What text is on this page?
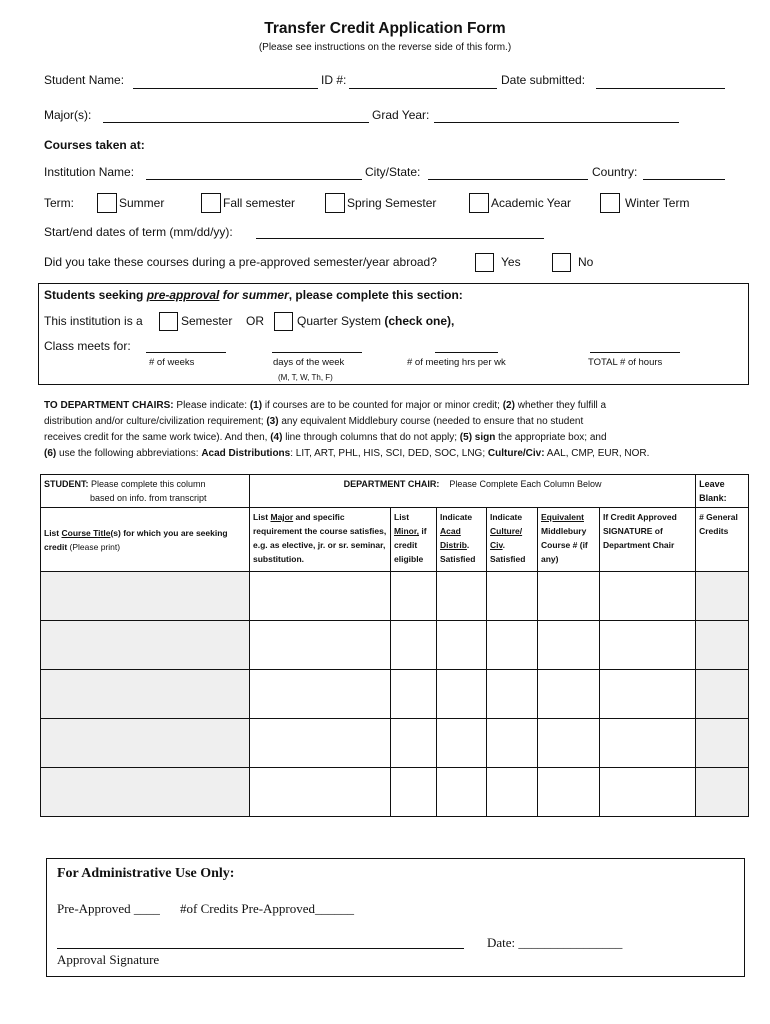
Transfer Credit Application Form
(Please see instructions on the reverse side of this form.)
Student Name:	ID #:	Date submitted:
Major(s):	Grad Year:
Courses taken at:
Institution Name:	City/State:	Country:
Term:	Summer	Fall semester	Spring Semester	Academic Year	Winter Term
Start/end dates of term (mm/dd/yy):
Did you take these courses during a pre-approved semester/year abroad?	Yes	No
Students seeking pre-approval for summer, please complete this section:
This institution is a	Semester OR	Quarter System (check one),
Class meets for:
# of weeks	days of the week
(M, T, W, Th, F)
# of meeting hrs per wk	TOTAL # of hours
TO DEPARTMENT CHAIRS: Please indicate: (1) if courses are to be counted for major or minor credit; (2) whether they fulfill a
distribution and/or culture/civilization requirement; (3) any equivalent Middlebury course (needed to ensure that no student
receives credit for the same work twice). And then, (4) line through columns that do not apply; (5) sign the appropriate box; and
(6) use the following abbreviations: Acad Distributions: LIT, ART, PHL, HIS, SCI, DED, SOC, LNG; Culture/Civ: AAL, CMP, EUR, NOR.
STUDENT: Please complete this column
based on info. from transcript	DEPARTMENT CHAIR: Please Complete Each Column Below						Leave Blank:
List Course Title(s) for which you are seeking credit (Please print)	List Major and specific requirement the course satisfies, e.g. as elective, jr. or sr. seminar, substitution.	List Minor, if credit eligible	Indicate Acad Distrib. Satisfied	Indicate Culture/ Civ. Satisfied	Equivalent Middlebury Course # (if any)	If Credit Approved SIGNATURE of Department Chair	# General Credits

For Administrative Use Only:
Pre-Approved ____ #of Credits Pre-Approved______
Date: ________________
Approval Signature
